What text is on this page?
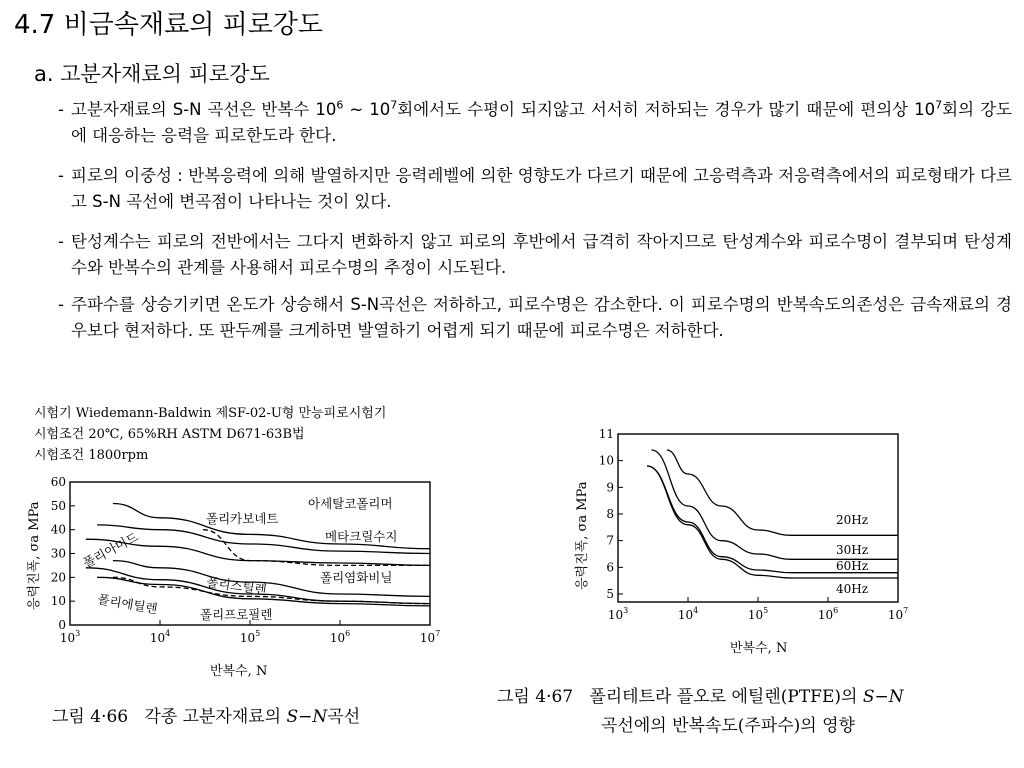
4.7 비금속재료의 피로강도
a. 고분자재료의 피로강도
- 고분자재료의 S-N 곡선은 반복수 $10^6$ ~ $10^7$회에서도 수평이 되지않고 서서히 저하되는 경우가 많기 때문에 편의상 $10^7$회의 강도에 대응하는 응력을 피로한도라 한다.
- 피로의 이중성 : 반복응력에 의해 발열하지만 응력레벨에 의한 영향도가 다르기 때문에 고응력측과 저응력측에서의 피로형태가 다르고 S-N 곡선에 변곡점이 나타나는 것이 있다.
- 탄성계수는 피로의 전반에서는 그다지 변화하지 않고 피로의 후반에서 급격히 작아지므로 탄성계수와 피로수명이 결부되며 탄성계수와 반복수의 관계를 사용해서 피로수명의 추정이 시도된다.
- 주파수를 상승기키면 온도가 상승해서 S-N곡선은 저하하고, 피로수명은 감소한다. 이 피로수명의 반복속도의존성은 금속재료의 경우보다 현저하다. 또 판두께를 크게하면 발열하기 어렵게 되기 때문에 피로수명은 저하한다.
시험기 Wiedemann-Baldwin 제SF-02-U형 만능피로시험기
시험조건 20℃, 65%RH ASTM D671-63B법
시험조건 1800rpm
0
10
20
30
40
50
60
$10^3$	$10^4$	$10^5$	$10^6$	$10^7$
아세탈코폴리머
폴리카보네트
메타크릴수지
폴리아미드
폴리염화비닐
폴리스틸렌
폴리에틸렌	폴리프로필렌
응력진폭, σa MPa
반복수, N
그림 4·66 각종 고분자재료의 S−N곡선
5
6
7
8
9
10
11
$10^3$	$10^4$	$10^5$	$10^6$	$10^7$
20Hz
30Hz
60Hz
40Hz
응력진폭, σa MPa
반복수, N
그림 4·67 폴리테트라 플오로 에틸렌(PTFE)의 S−N
곡선에의 반복속도(주파수)의 영향
